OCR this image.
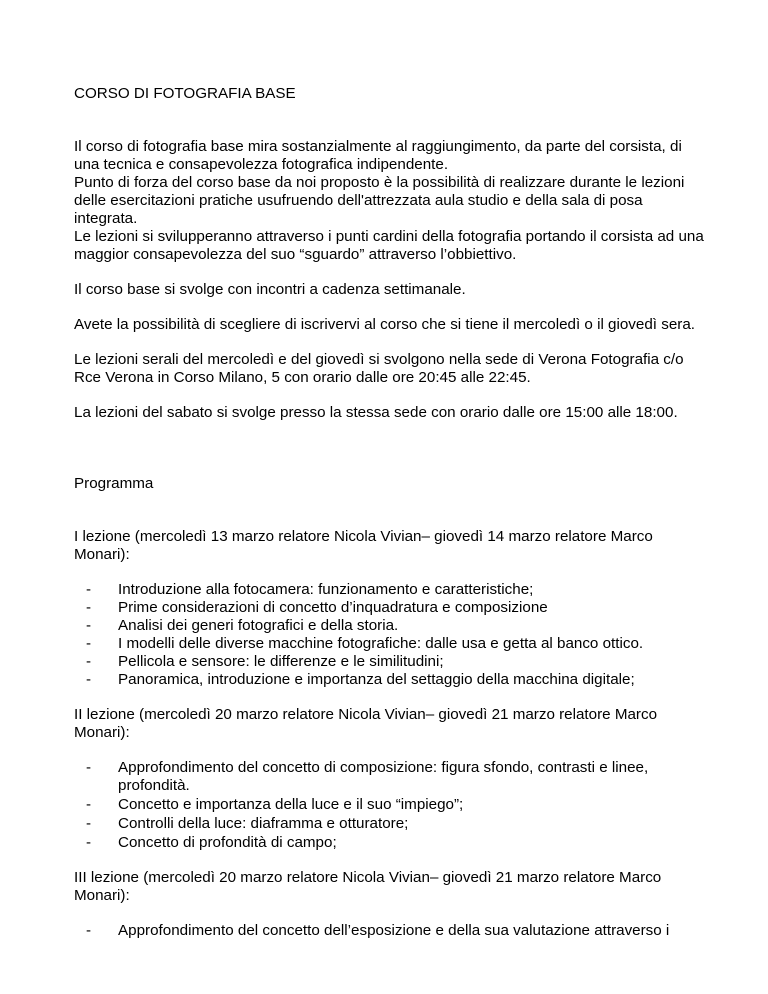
CORSO DI FOTOGRAFIA BASE

Il corso di fotografia base mira sostanzialmente al raggiungimento, da parte del corsista, di una tecnica e consapevolezza fotografica indipendente.

Punto di forza del corso base da noi proposto è la possibilità di realizzare durante le lezioni delle esercitazioni pratiche usufruendo dell'attrezzata aula studio e della sala di posa integrata.

Le lezioni si svilupperanno attraverso i punti cardini della fotografia portando il corsista ad una maggior consapevolezza del suo “sguardo” attraverso l’obbiettivo.

Il corso base si svolge con incontri a cadenza settimanale.

Avete la possibilità di scegliere di iscrivervi al corso che si tiene il mercoledì o il giovedì sera.

Le lezioni serali del mercoledì e del giovedì si svolgono nella sede di Verona Fotografia c/o Rce Verona in Corso Milano, 5 con orario dalle ore 20:45 alle 22:45.

La lezioni del sabato si svolge presso la stessa sede con orario dalle ore 15:00 alle 18:00.

Programma

I lezione (mercoledì 13 marzo relatore Nicola Vivian– giovedì 14 marzo relatore Marco Monari):

- Introduzione alla fotocamera: funzionamento e caratteristiche;
- Prime considerazioni di concetto d’inquadratura e composizione
- Analisi dei generi fotografici e della storia.
- I modelli delle diverse macchine fotografiche: dalle usa e getta al banco ottico.
- Pellicola e sensore: le differenze e le similitudini;
- Panoramica, introduzione e importanza del settaggio della macchina digitale;

II lezione (mercoledì 20 marzo relatore Nicola Vivian– giovedì 21 marzo relatore Marco Monari):

- Approfondimento del concetto di composizione: figura sfondo, contrasti e linee, profondità.
- Concetto e importanza della luce e il suo “impiego”;
- Controlli della luce: diaframma e otturatore;
- Concetto di profondità di campo;

III lezione (mercoledì 20 marzo relatore Nicola Vivian– giovedì 21 marzo relatore Marco Monari):

- Approfondimento del concetto dell’esposizione e della sua valutazione attraverso i
